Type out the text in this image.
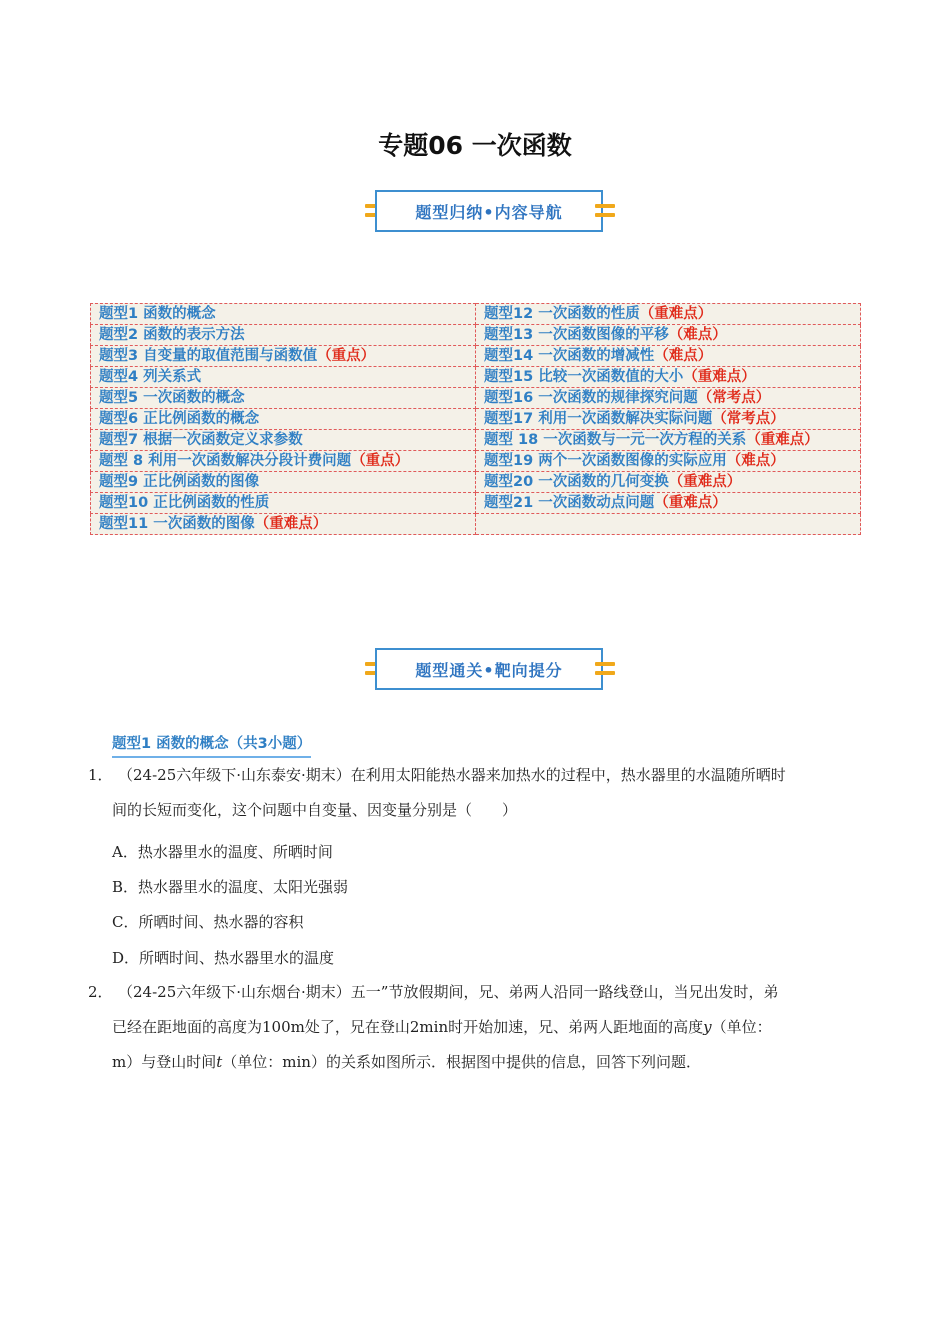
专题06 一次函数
题型归纳•内容导航
题型1 函数的概念	题型12 一次函数的性质（重难点）
题型2 函数的表示方法	题型13 一次函数图像的平移（难点）
题型3 自变量的取值范围与函数值（重点）	题型14 一次函数的增减性（难点）
题型4 列关系式	题型15 比较一次函数值的大小（重难点）
题型5 一次函数的概念	题型16 一次函数的规律探究问题（常考点）
题型6 正比例函数的概念	题型17 利用一次函数解决实际问题（常考点）
题型7 根据一次函数定义求参数	题型 18 一次函数与一元一次方程的关系（重难点）
题型 8 利用一次函数解决分段计费问题（重点）	题型19 两个一次函数图像的实际应用（难点）
题型9 正比例函数的图像	题型20 一次函数的几何变换（重难点）
题型10 正比例函数的性质	题型21 一次函数动点问题（重难点）
题型11 一次函数的图像（重难点）	
题型通关•靶向提分
题型1 函数的概念（共3小题）
1． （24-25六年级下·山东泰安·期末）在利用太阳能热水器来加热水的过程中，热水器里的水温随所晒时
间的长短而变化，这个问题中自变量、因变量分别是（　　）
A．热水器里水的温度、所晒时间
B．热水器里水的温度、太阳光强弱
C．所晒时间、热水器的容积
D．所晒时间、热水器里水的温度
2． （24-25六年级下·山东烟台·期末）五一”节放假期间，兄、弟两人沿同一路线登山，当兄出发时，弟
已经在距地面的高度为100m处了，兄在登山2min时开始加速，兄、弟两人距地面的高度y（单位：
m）与登山时间t（单位：min）的关系如图所示．根据图中提供的信息，回答下列问题．
